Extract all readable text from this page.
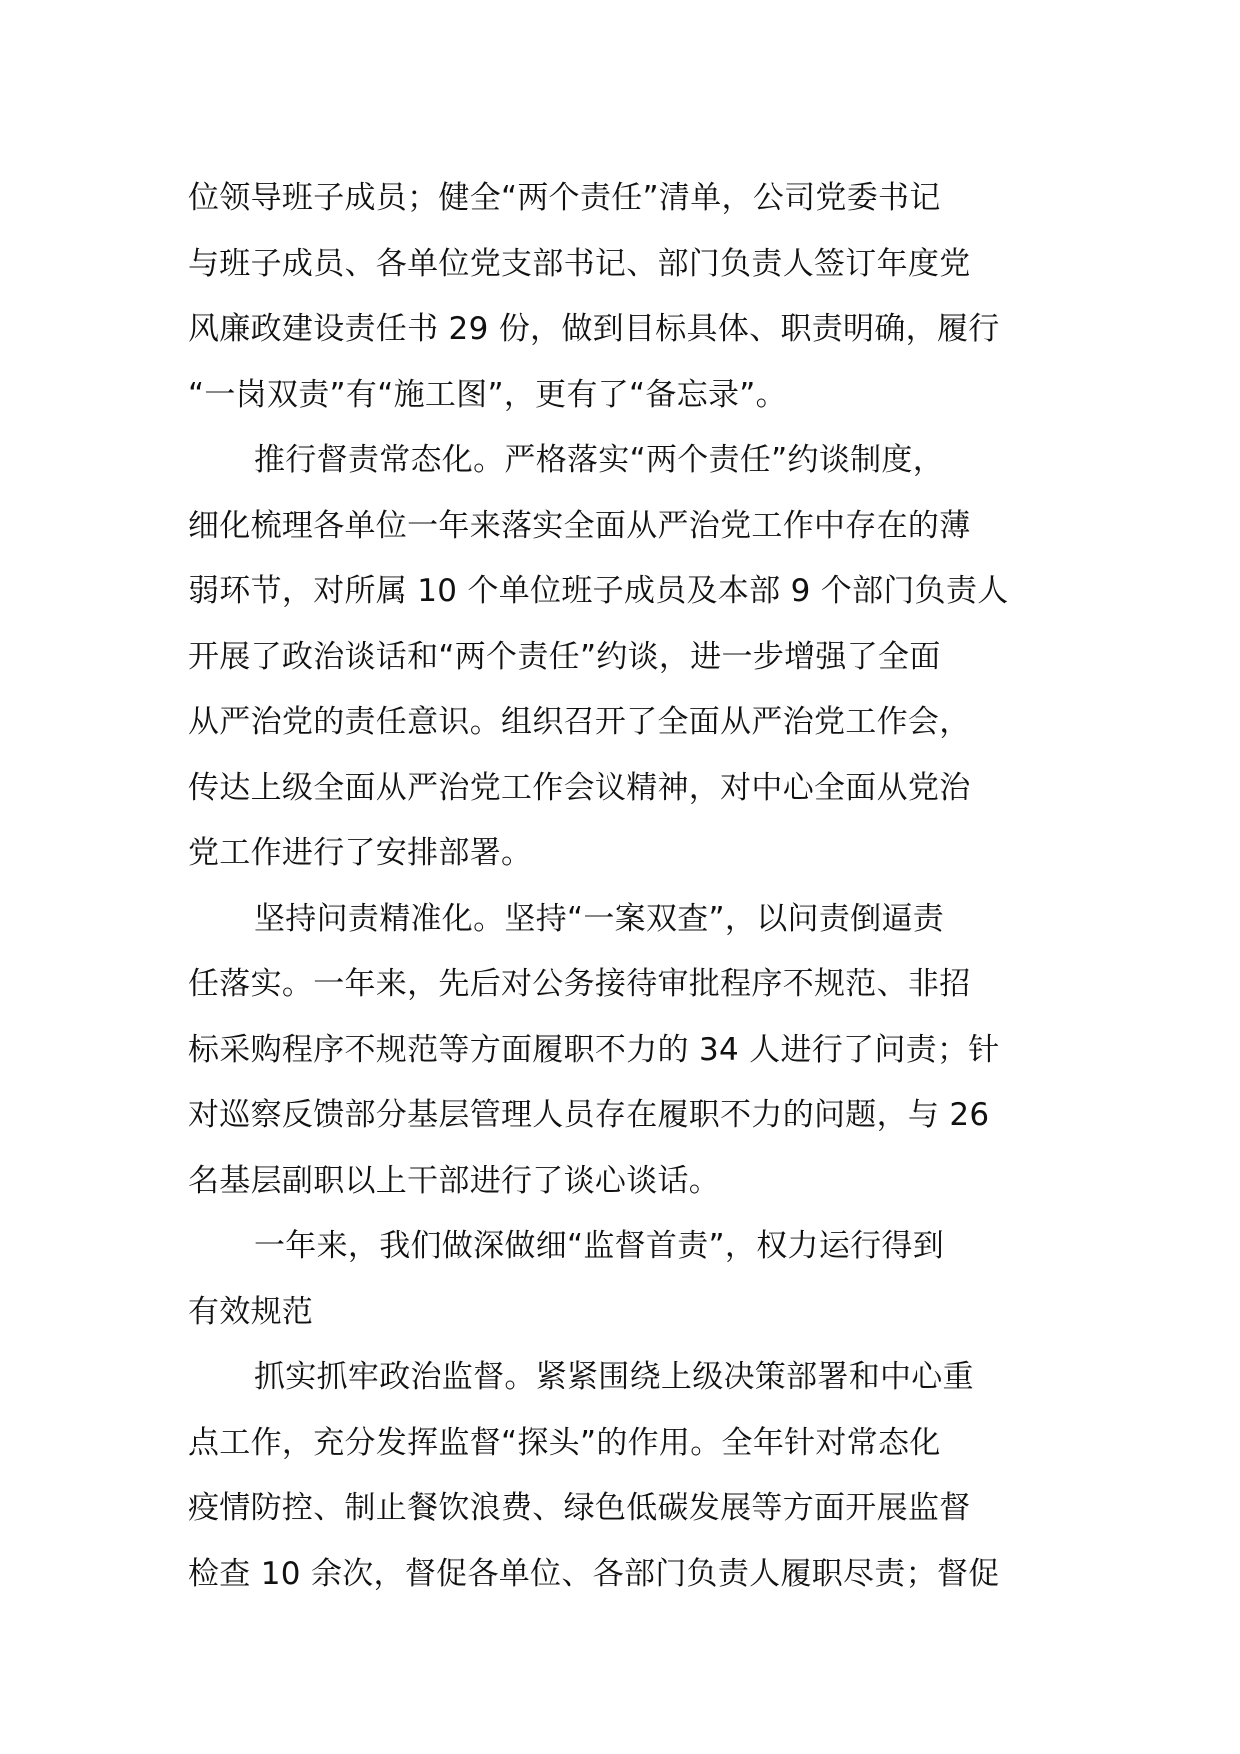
位领导班子成员；健全“两个责任”清单，公司党委书记
与班子成员、各单位党支部书记、部门负责人签订年度党
风廉政建设责任书 29 份，做到目标具体、职责明确，履行
“一岗双责”有“施工图”，更有了“备忘录”。
推行督责常态化。严格落实“两个责任”约谈制度，
细化梳理各单位一年来落实全面从严治党工作中存在的薄
弱环节，对所属 10 个单位班子成员及本部 9 个部门负责人
开展了政治谈话和“两个责任”约谈，进一步增强了全面
从严治党的责任意识。组织召开了全面从严治党工作会，
传达上级全面从严治党工作会议精神，对中心全面从党治
党工作进行了安排部署。
坚持问责精准化。坚持“一案双查”，以问责倒逼责
任落实。一年来，先后对公务接待审批程序不规范、非招
标采购程序不规范等方面履职不力的 34 人进行了问责；针
对巡察反馈部分基层管理人员存在履职不力的问题，与 26
名基层副职以上干部进行了谈心谈话。
一年来，我们做深做细“监督首责”，权力运行得到
有效规范
抓实抓牢政治监督。紧紧围绕上级决策部署和中心重
点工作，充分发挥监督“探头”的作用。全年针对常态化
疫情防控、制止餐饮浪费、绿色低碳发展等方面开展监督
检查 10 余次，督促各单位、各部门负责人履职尽责；督促
